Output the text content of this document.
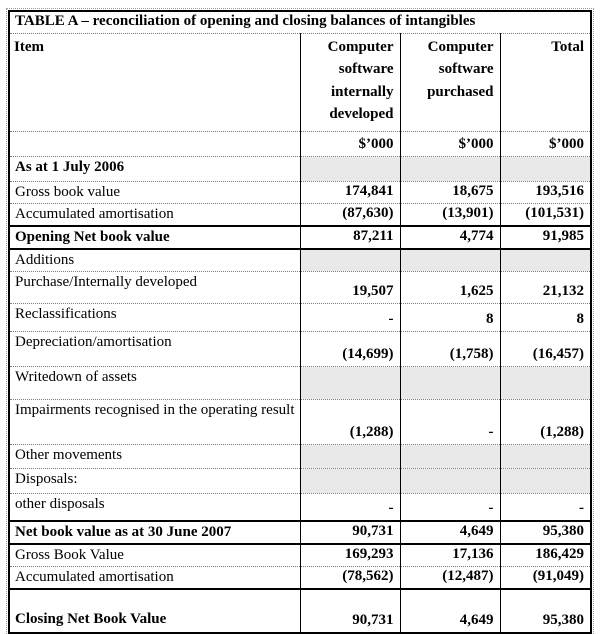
TABLE A – reconciliation of opening and closing balances of intangibles			
Item	Computer software internally developed	Computer software purchased	Total
	$’000	$’000	$’000
As at 1 July 2006			
Gross book value	174,841	18,675	193,516
Accumulated amortisation	(87,630)	(13,901)	(101,531)
Opening Net book value	87,211	4,774	91,985
Additions			
Purchase/Internally developed	19,507	1,625	21,132
Reclassifications	-	8	8
Depreciation/amortisation	(14,699)	(1,758)	(16,457)
Writedown of assets			
Impairments recognised in the operating result	(1,288)	-	(1,288)
Other movements			
Disposals:			
other disposals	-	-	-
Net book value as at 30 June 2007	90,731	4,649	95,380
Gross Book Value	169,293	17,136	186,429
Accumulated amortisation	(78,562)	(12,487)	(91,049)
Closing Net Book Value	90,731	4,649	95,380
